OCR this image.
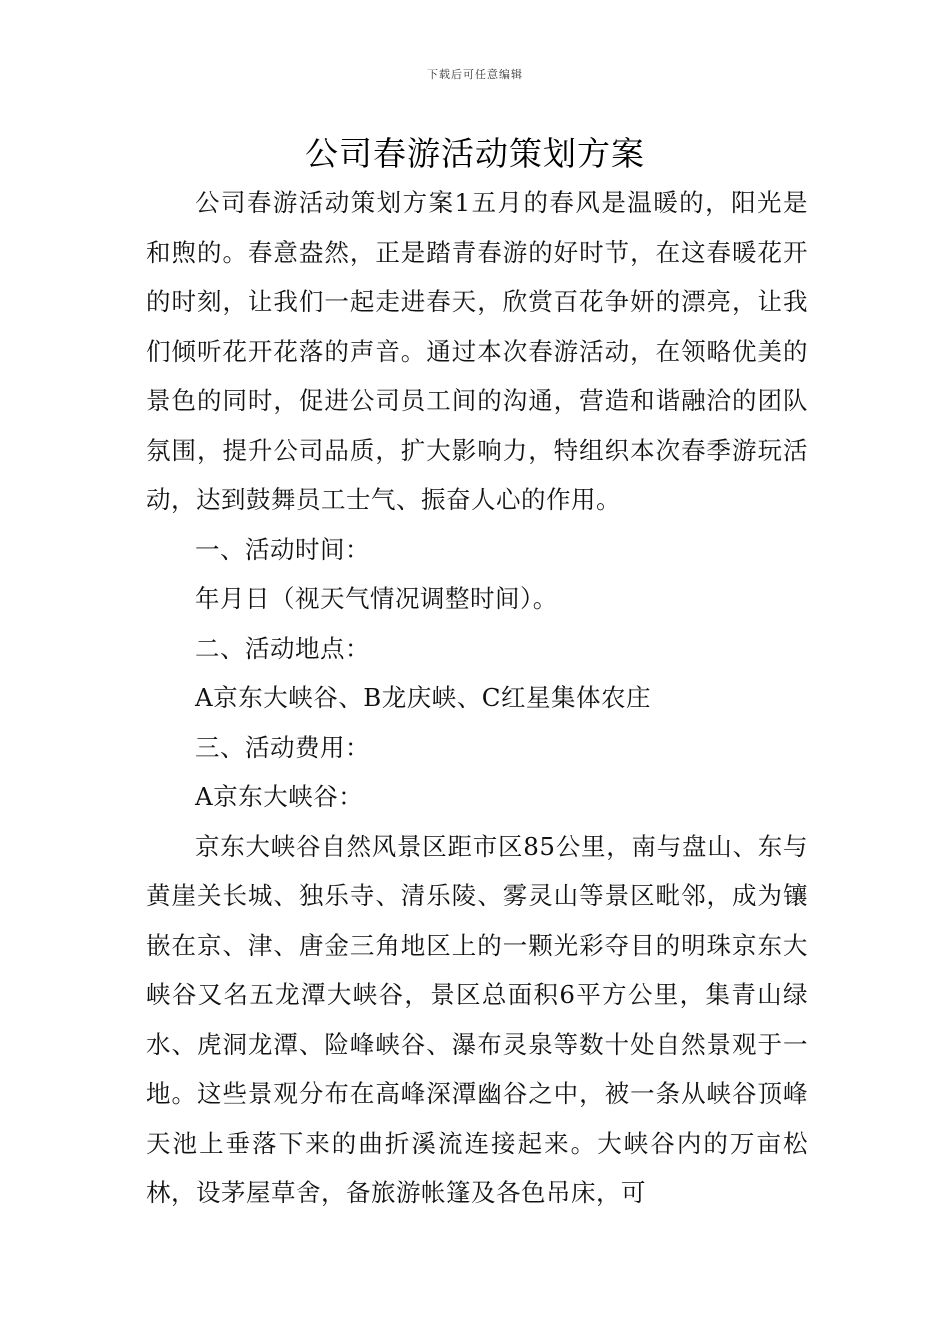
下载后可任意编辑
公司春游活动策划方案

公司春游活动策划方案1五月的春风是温暖的，阳光是和煦的。春意盎然，正是踏青春游的好时节，在这春暖花开的时刻，让我们一起走进春天，欣赏百花争妍的漂亮，让我们倾听花开花落的声音。通过本次春游活动，在领略优美的景色的同时，促进公司员工间的沟通，营造和谐融洽的团队氛围，提升公司品质，扩大影响力，特组织本次春季游玩活动，达到鼓舞员工士气、振奋人心的作用。

一、活动时间：

年月日（视天气情况调整时间）。

二、活动地点：

A京东大峡谷、B龙庆峡、C红星集体农庄

三、活动费用：

A京东大峡谷：

京东大峡谷自然风景区距市区85公里，南与盘山、东与黄崖关长城、独乐寺、清乐陵、雾灵山等景区毗邻，成为镶嵌在京、津、唐金三角地区上的一颗光彩夺目的明珠京东大峡谷又名五龙潭大峡谷，景区总面积6平方公里，集青山绿水、虎洞龙潭、险峰峡谷、瀑布灵泉等数十处自然景观于一地。这些景观分布在高峰深潭幽谷之中，被一条从峡谷顶峰天池上垂落下来的曲折溪流连接起来。大峡谷内的万亩松林，设茅屋草舍，备旅游帐篷及各色吊床，可
